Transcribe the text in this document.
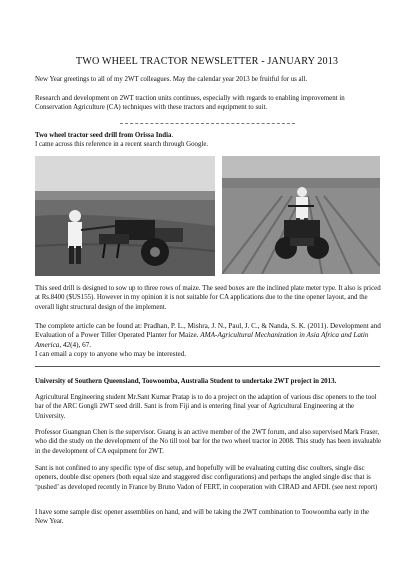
TWO WHEEL TRACTOR NEWSLETTER - JANUARY 2013

New Year greetings to all of my 2WT colleagues. May the calendar year 2013 be fruitful for us all.

Research and development on 2WT traction units continues, especially with regards to enabling improvement in Conservation Agriculture (CA) techniques with these tractors and equipment to suit.

Two wheel tractor seed drill from Orissa India.
I came across this reference in a recent search through Google.

This seed drill is designed to sow up to three rows of maize. The seed boxes are the inclined plate meter type. It also is priced at Rs.8400 ($US155). However in my opinion it is not suitable for CA applications due to the tine opener layout, and the overall light structural design of the implement.

The complete article can be found at: Pradhan, P. L., Mishra, J. N., Paul, J. C., & Nanda, S. K. (2011). Development and Evaluation of a Power Tiller Operated Planter for Maize. AMA-Agricultural Mechanization in Asia Africa and Latin America, 42(4), 67.
I can email a copy to anyone who may be interested.

University of Southern Queensland, Toowoomba, Australia Student to undertake 2WT project in 2013.

Agricultural Engineering student Mr.Sant Kumar Pratap is to do a project on the adaption of various disc openers to the tool bar of the ARC Gongli 2WT seed drill. Sant is from Fiji and is entering final year of Agricultural Engineering at the University.

Professor Guangnan Chen is the supervisor. Guang is an active member of the 2WT forum, and also supervised Mark Fraser, who did the study on the development of the No till tool bar for the two wheel tractor in 2008. This study has been invaluable in the development of CA equipment for 2WT.

Sant is not confined to any specific type of disc setup, and hopefully will be evaluating cutting disc coulters, single disc openers, double disc openers (both equal size and staggered disc configurations) and perhaps the angled single disc that is ‘pushed’ as developed recently in France by Bruno Vadon of FERT, in cooperation with CIRAD and AFDI. (see next report)

I have some sample disc opener assemblies on hand, and will be taking the 2WT combination to Toowoomba early in the New Year.
